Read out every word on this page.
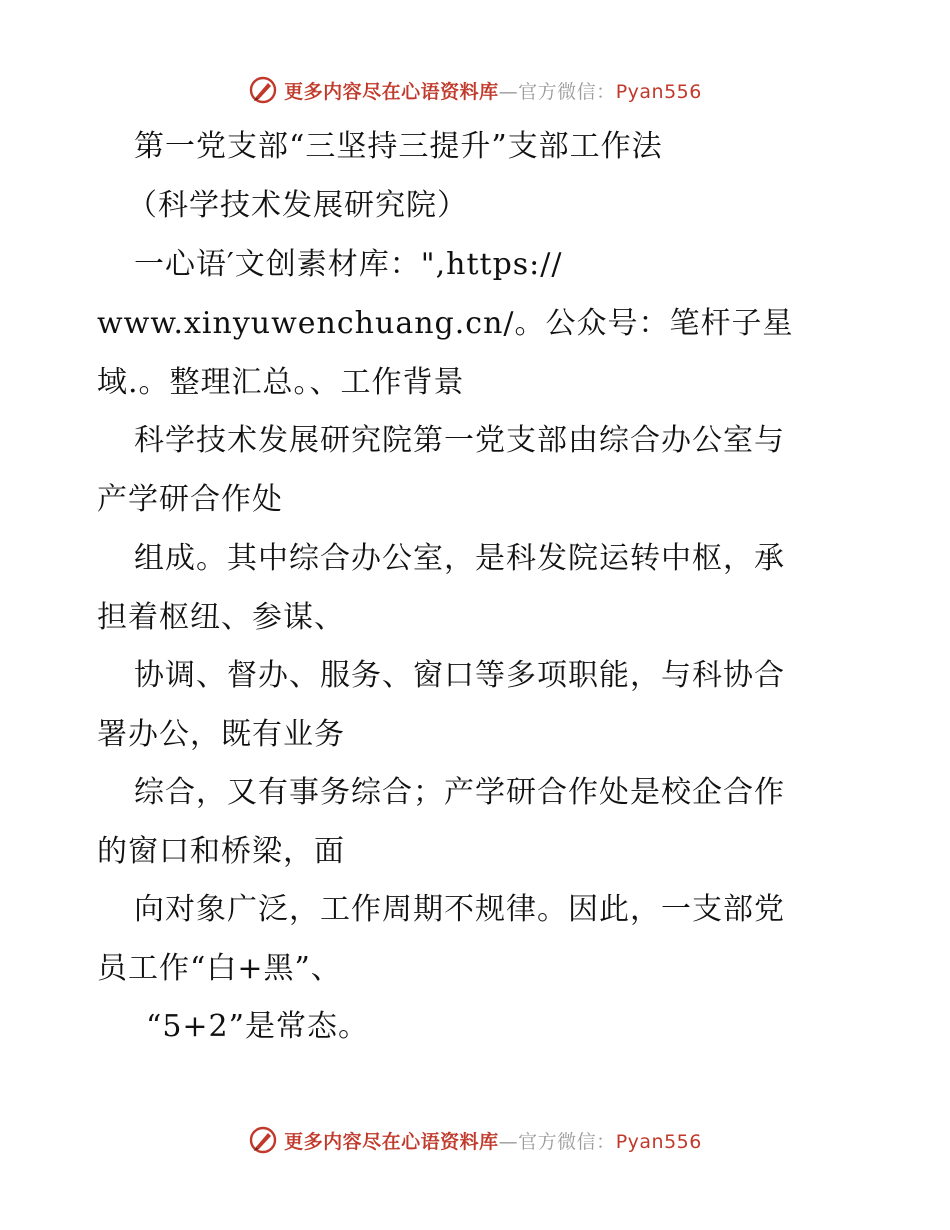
更多内容尽在心语资料库—官方微信：Pyan556
第一党支部“三坚持三提升”支部工作法
（科学技术发展研究院）
一心语′文创素材库：",https://
www.xinyuwenchuang.cn/。公众号：笔杆子星
域.。整理汇总。、工作背景
科学技术发展研究院第一党支部由综合办公室与
产学研合作处
组成。其中综合办公室，是科发院运转中枢，承
担着枢纽、参谋、
协调、督办、服务、窗口等多项职能，与科协合
署办公，既有业务
综合，又有事务综合；产学研合作处是校企合作
的窗口和桥梁，面
向对象广泛，工作周期不规律。因此，一支部党
员工作“白+黑”、
“5+2”是常态。
更多内容尽在心语资料库—官方微信：Pyan556
